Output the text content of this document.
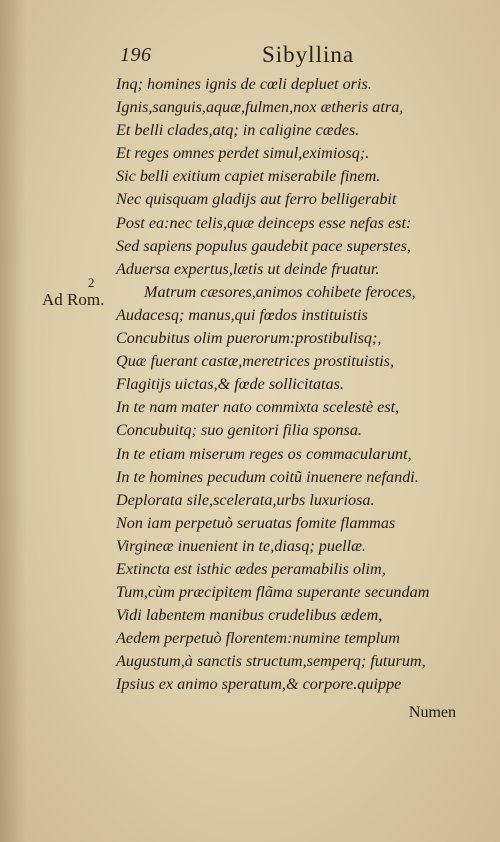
196	Sibyllina
2
Ad Rom.
Inq; homines ignis de cœli depluet oris.
Ignis,sanguis,aquæ,fulmen,nox ætheris atra,
Et belli clades,atq; in caligine cædes.
Et reges omnes perdet simul,eximiosq;.
Sic belli exitium capiet miserabile finem.
Nec quisquam gladijs aut ferro belligerabit
Post ea:nec telis,quæ deinceps esse nefas est:
Sed sapiens populus gaudebit pace superstes,
Aduersa expertus,lætis ut deinde fruatur.
Matrum cæsores,animos cohibete feroces,
Audacesq; manus,qui fœdos instituistis
Concubitus olim puerorum:prostibulisq;,
Quæ fuerant castæ,meretrices prostituistis,
Flagitijs uictas,& fœde sollicitatas.
In te nam mater nato commixta scelestè est,
Concubuitq; suo genitori filia sponsa.
In te etiam miserum reges os commacularunt,
In te homines pecudum coitũ inuenere nefandi.
Deplorata sile,scelerata,urbs luxuriosa.
Non iam perpetuò seruatas fomite flammas
Virgineæ inuenient in te,diasq; puellæ.
Extincta est isthic ædes peramabilis olim,
Tum,cùm præcipitem flãma superante secundam
Vidi labentem manibus crudelibus ædem,
Aedem perpetuò florentem:numine templum
Augustum,à sanctis structum,semperq; futurum,
Ipsius ex animo speratum,& corpore.quippe
Numen
